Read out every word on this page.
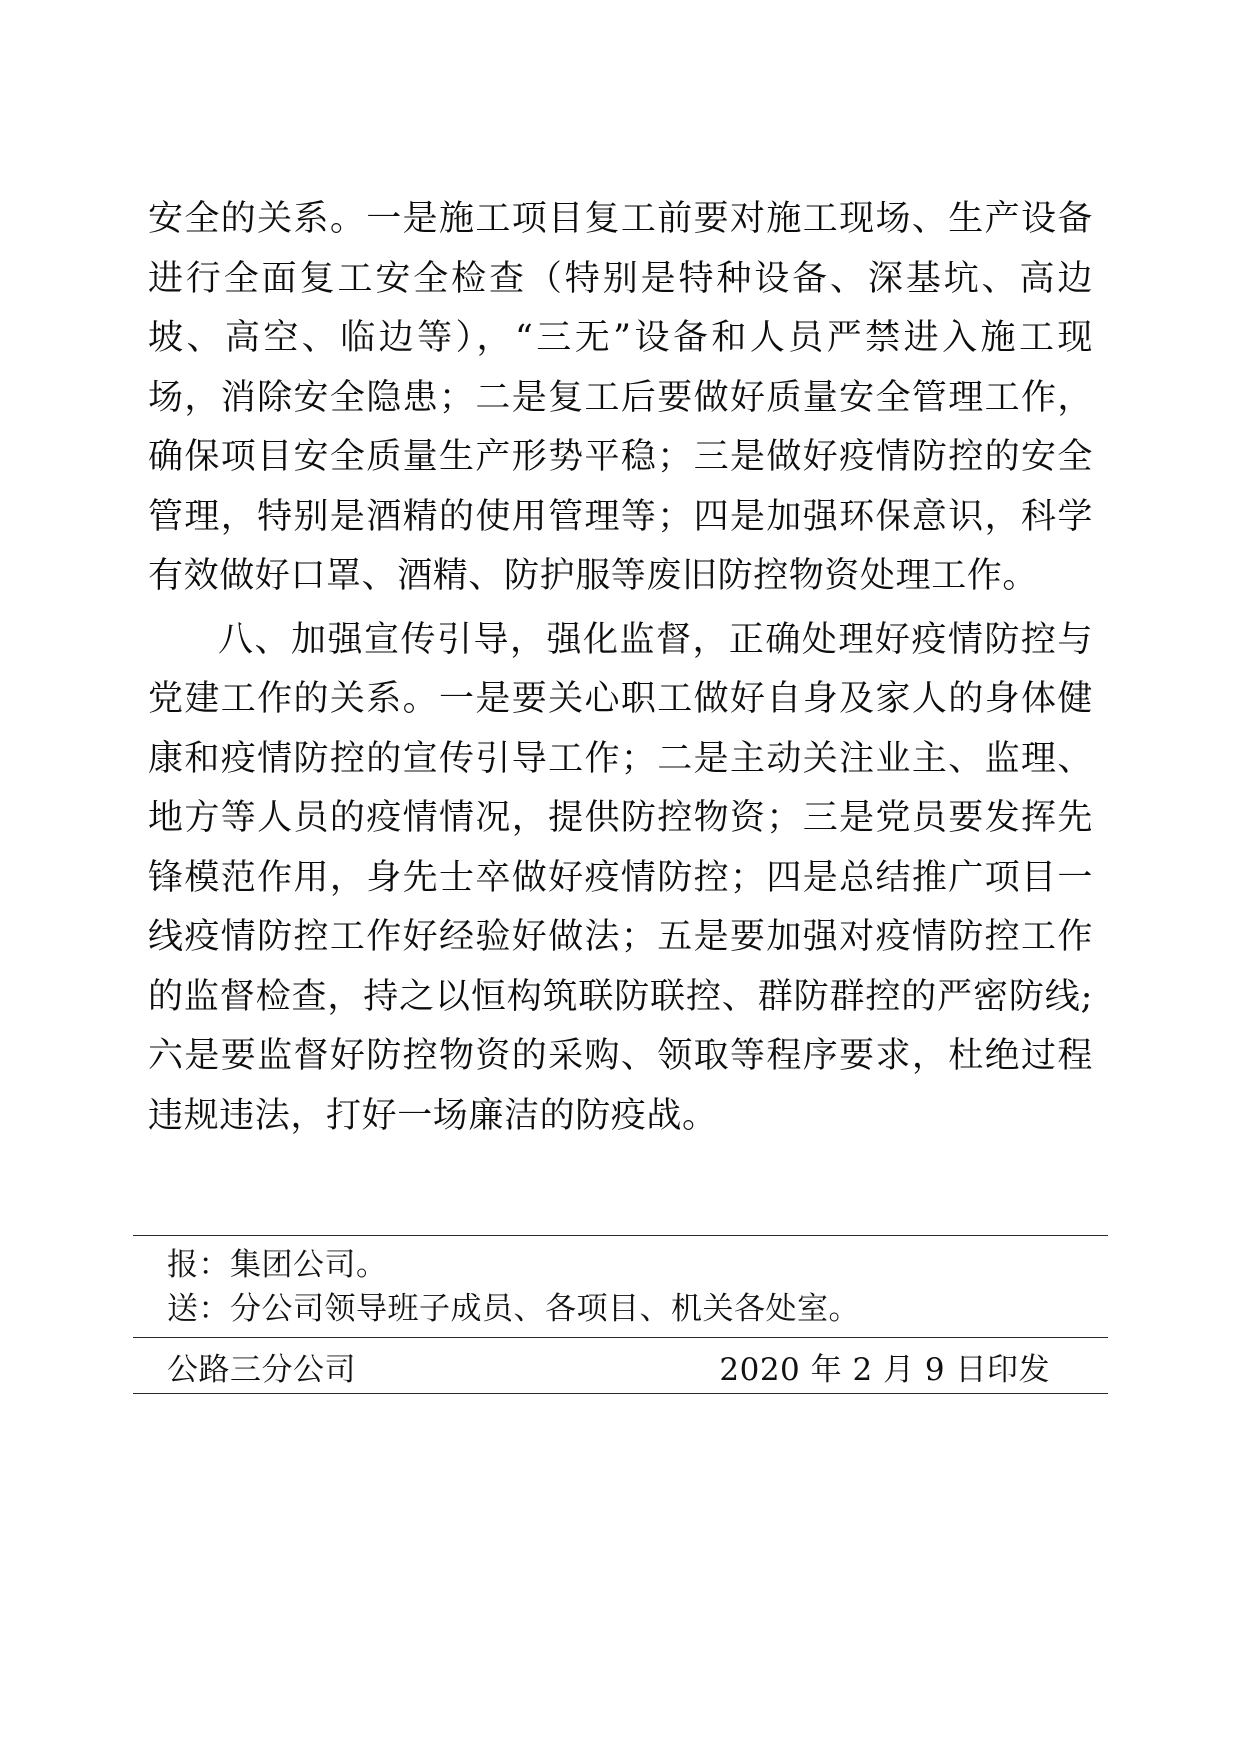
安全的关系。一是施工项目复工前要对施工现场、生产设备进行全面复工安全检查（特别是特种设备、深基坑、高边坡、高空、临边等），“三无”设备和人员严禁进入施工现场，消除安全隐患；二是复工后要做好质量安全管理工作，确保项目安全质量生产形势平稳；三是做好疫情防控的安全管理，特别是酒精的使用管理等；四是加强环保意识，科学有效做好口罩、酒精、防护服等废旧防控物资处理工作。

八、加强宣传引导，强化监督，正确处理好疫情防控与党建工作的关系。一是要关心职工做好自身及家人的身体健康和疫情防控的宣传引导工作；二是主动关注业主、监理、地方等人员的疫情情况，提供防控物资；三是党员要发挥先锋模范作用，身先士卒做好疫情防控；四是总结推广项目一线疫情防控工作好经验好做法；五是要加强对疫情防控工作的监督检查，持之以恒构筑联防联控、群防群控的严密防线;六是要监督好防控物资的采购、领取等程序要求，杜绝过程违规违法，打好一场廉洁的防疫战。

报：集团公司。
送：分公司领导班子成员、各项目、机关各处室。
公路三分公司	2020 年 2 月 9 日印发
